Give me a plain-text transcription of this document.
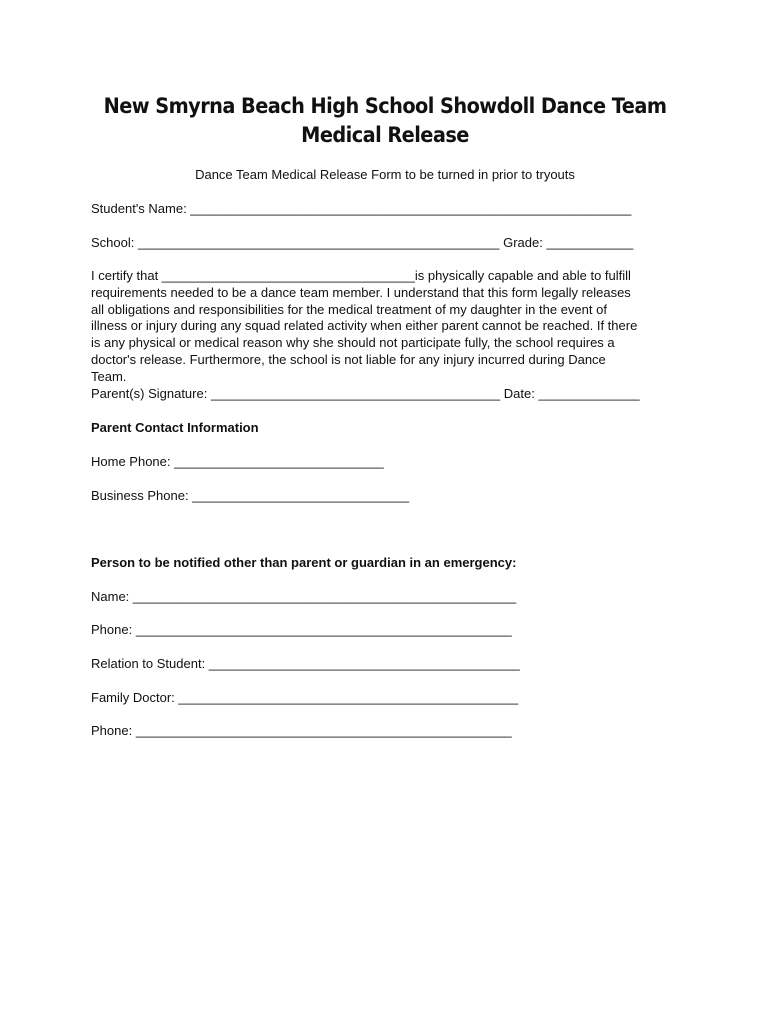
New Smyrna Beach High School Showdoll Dance Team
Medical Release
Dance Team Medical Release Form to be turned in prior to tryouts
Student's Name: _____________________________________________________________
School: __________________________________________________ Grade: ____________

I certify that ___________________________________is physically capable and able to fulfill

requirements needed to be a dance team member. I understand that this form legally releases

all obligations and responsibilities for the medical treatment of my daughter in the event of

illness or injury during any squad related activity when either parent cannot be reached. If there

is any physical or medical reason why she should not participate fully, the school requires a

doctor's release. Furthermore, the school is not liable for any injury incurred during Dance

Team.

Parent(s) Signature: ________________________________________ Date: ______________

Parent Contact Information
Home Phone: _____________________________
Business Phone: ______________________________
Person to be notified other than parent or guardian in an emergency:
Name: _____________________________________________________
Phone: ____________________________________________________
Relation to Student: ___________________________________________
Family Doctor: _______________________________________________
Phone: ____________________________________________________
